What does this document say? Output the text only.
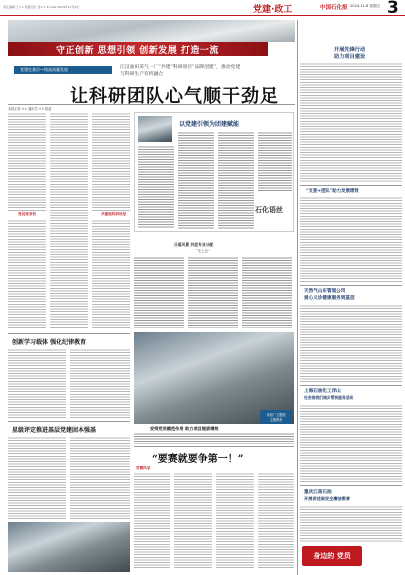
责任编辑 王×× 版面设计 孙×× E-mail 2024年11月8日	党建·政工	中国石化报 2024.11.8 星期五 3
守正创新 思想引领 创新发展 打造一流
党建在基层—线高质量发展	江汉油田采气一厂“共建”科研项目“品牌创建”，推动党建
与科研生产有机融合
让科研团队心气顺干劲足
本报记者 ×× 通讯员 ×× 报道
党员亮身份	共建起科研攻坚
以党建引领为团建赋能
石化语丝
日落风景 共迎专业分配
“走上去”
创新学习载体 强化纪律教育
星级评定推进基层党建固本强基
采油厂主题展
主题教育
安师党员模范作用 助力项目提质增效
“要赛就要争第一！”
劳模风采
身边的 党员
开展先锋行动
助力项目建设
“支委+团队”助力发展增效
天然气山东管道公司
爱心义诊健康服务到基层
上海石油化工洋山
处安排我们城乡帮扶服务活动
重庆江南石油
开展讲述南安全廉洁教育
